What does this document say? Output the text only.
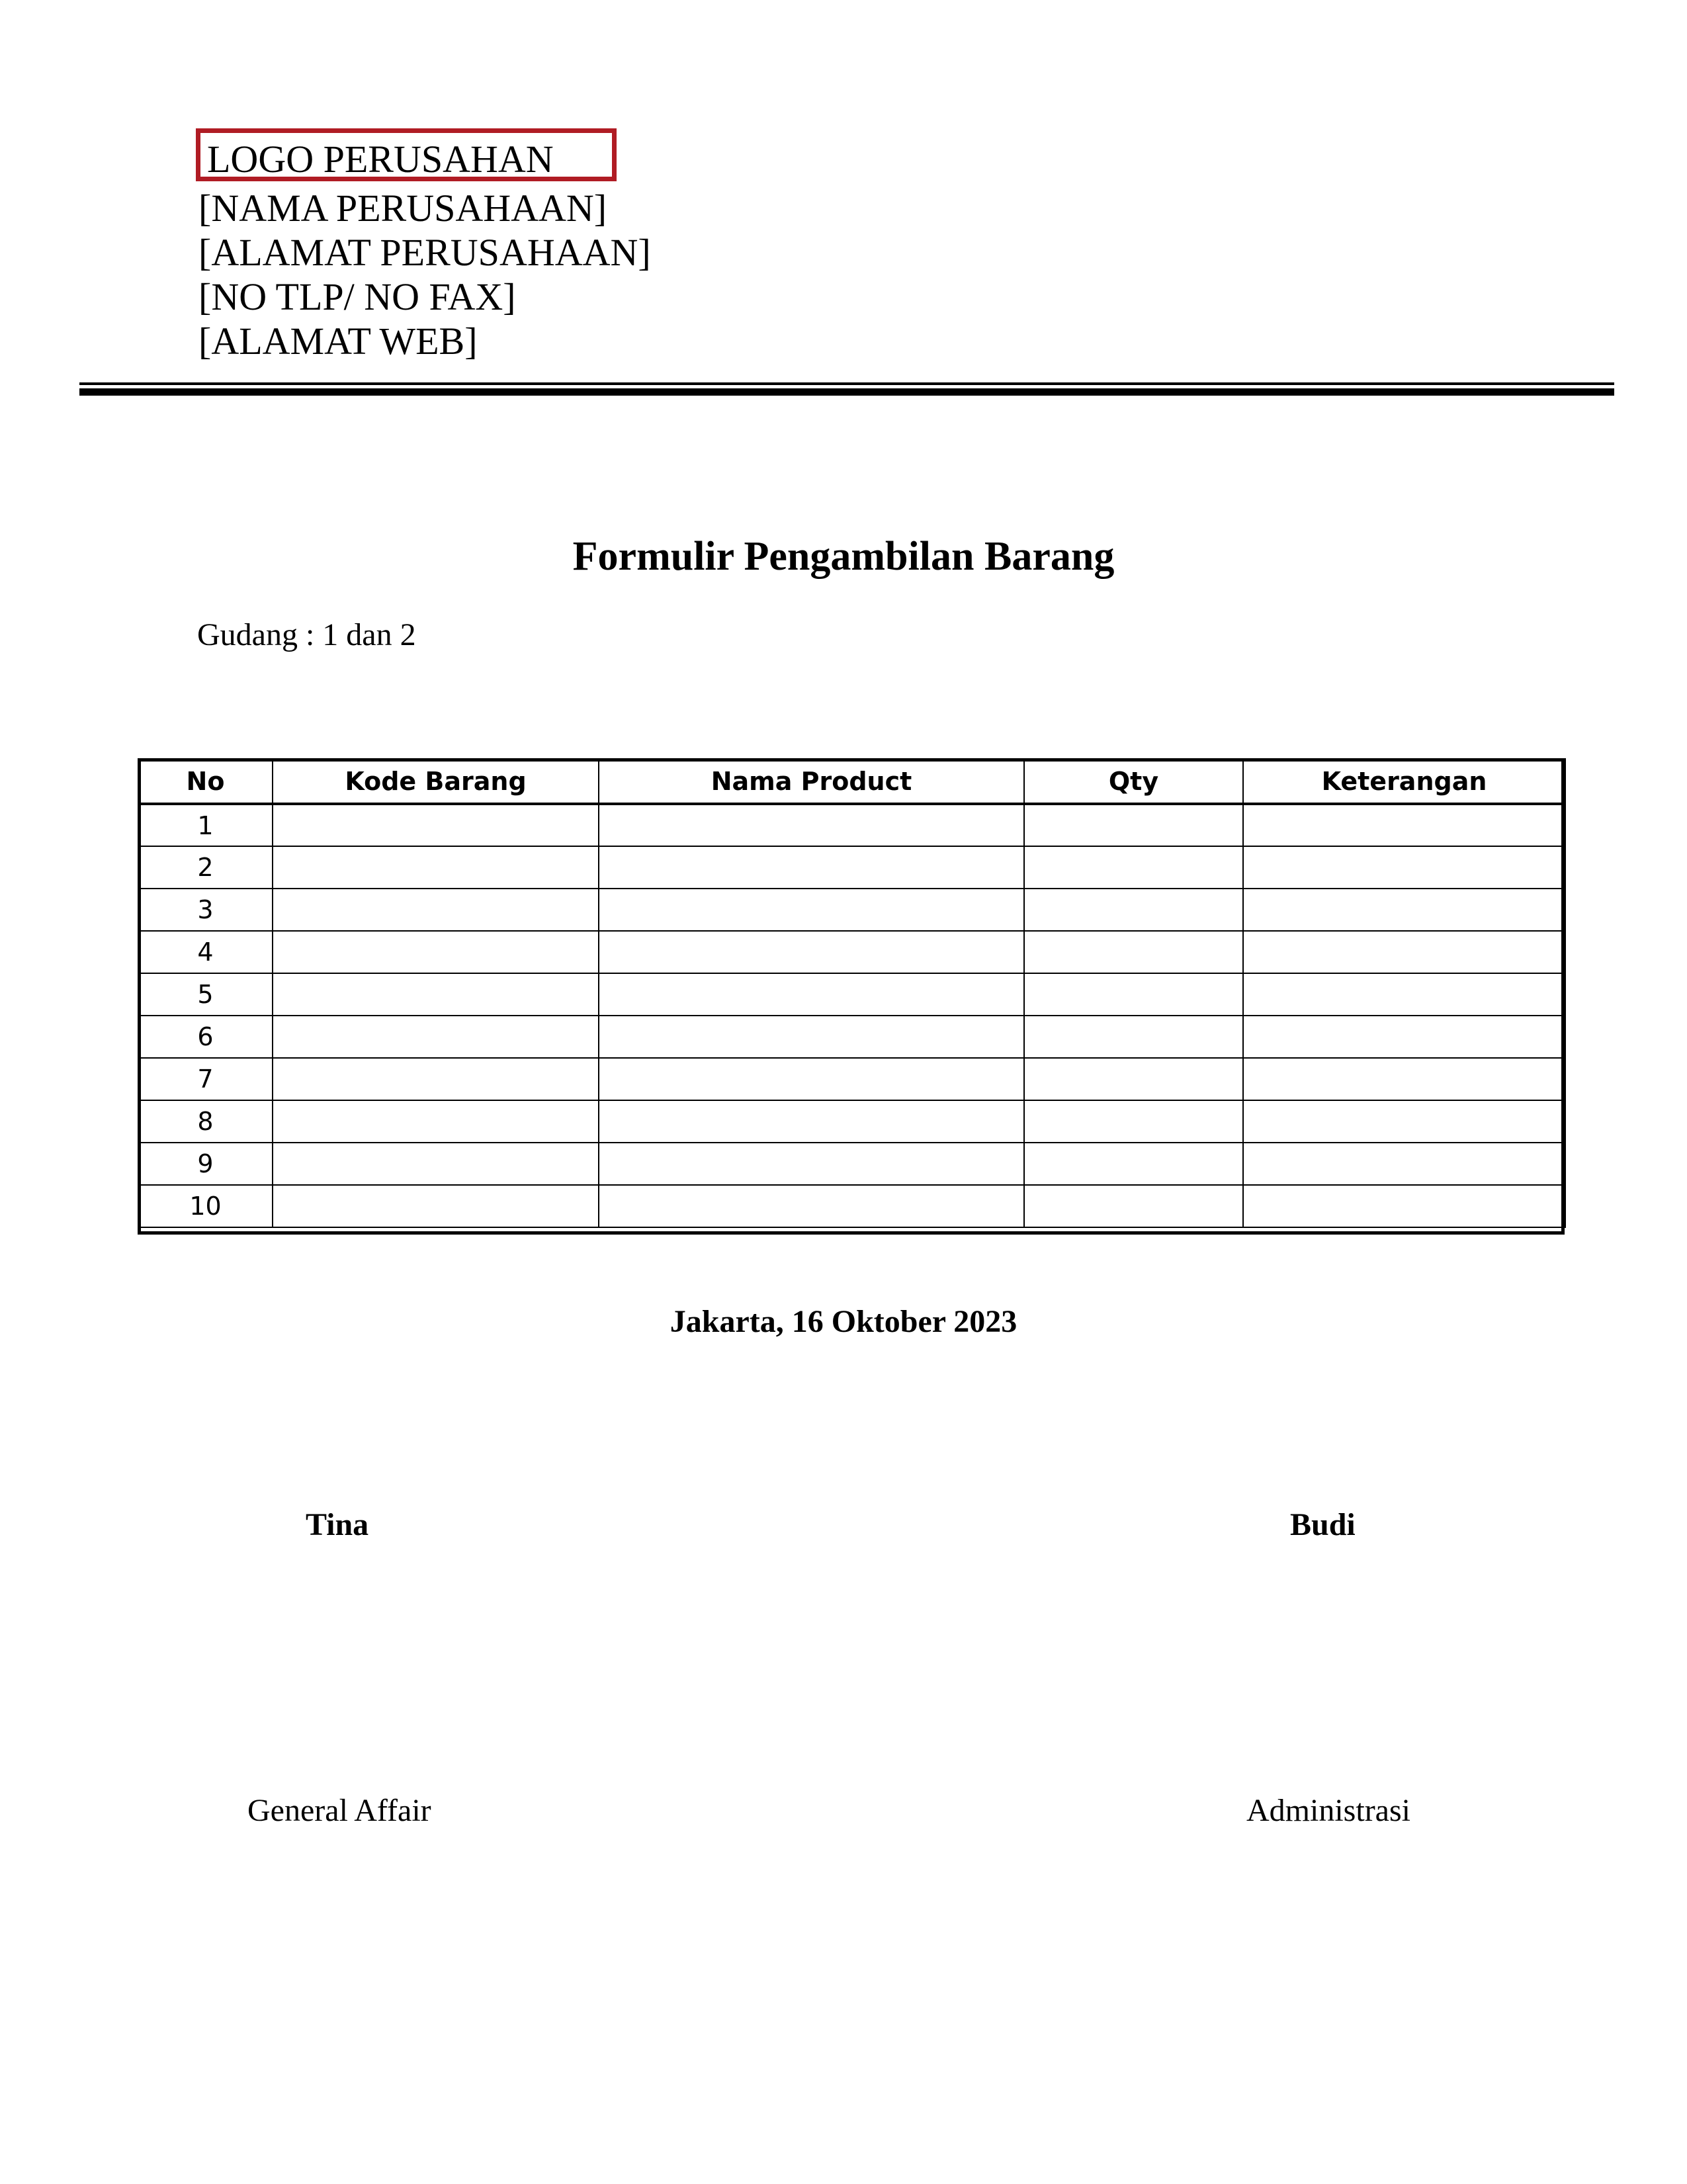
LOGO PERUSAHAN
[NAMA PERUSAHAAN]
[ALAMAT PERUSAHAAN]
[NO TLP/ NO FAX]
[ALAMAT WEB]
Formulir Pengambilan Barang
Gudang : 1 dan 2
No	Kode Barang	Nama Product	Qty	Keterangan
1				
2				
3				
4				
5				
6				
7				
8				
9				
10				
Jakarta, 16 Oktober 2023
Tina	Budi
General Affair	Administrasi
